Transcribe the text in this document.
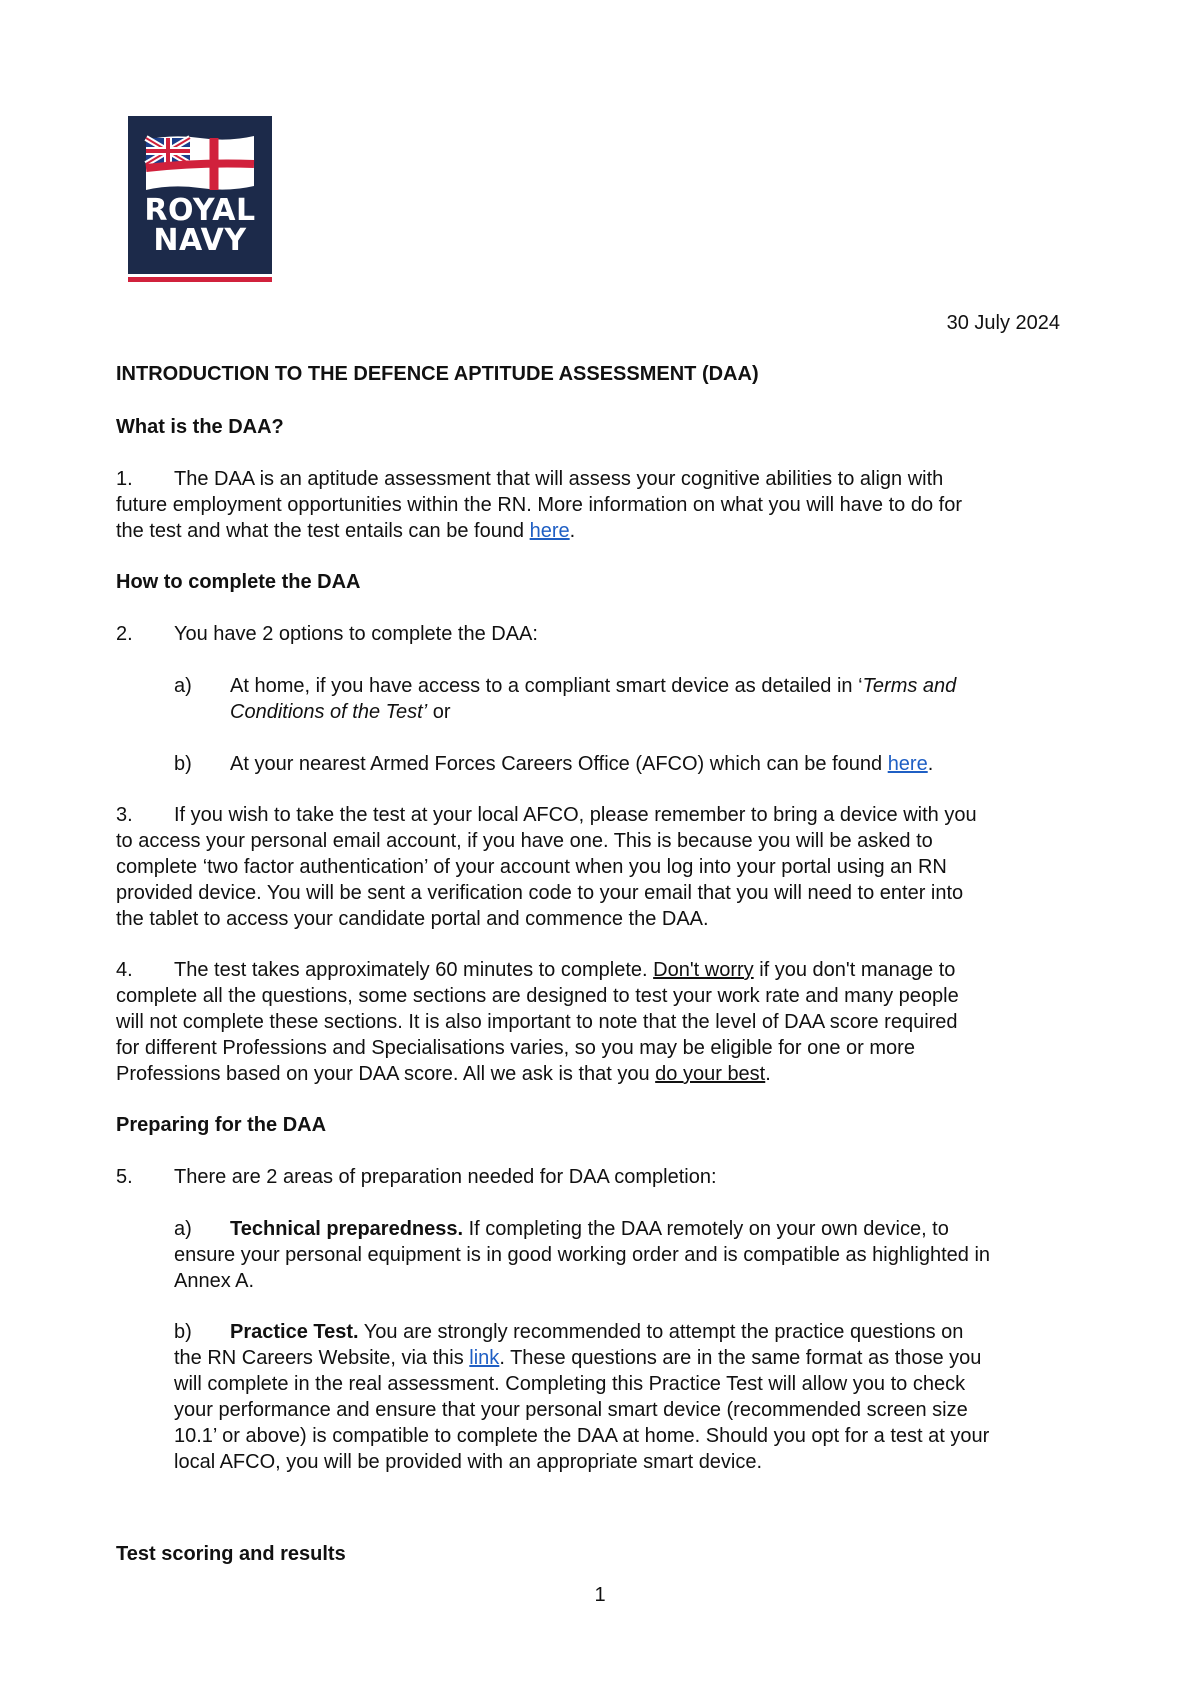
ROYAL
NAVY
30 July 2024
INTRODUCTION TO THE DEFENCE APTITUDE ASSESSMENT (DAA)
What is the DAA?
1. The DAA is an aptitude assessment that will assess your cognitive abilities to align with
future employment opportunities within the RN. More information on what you will have to do for
the test and what the test entails can be found here.
How to complete the DAA
2. You have 2 options to complete the DAA:
a) At home, if you have access to a compliant smart device as detailed in ‘Terms and
Conditions of the Test’ or
b) At your nearest Armed Forces Careers Office (AFCO) which can be found here.
3. If you wish to take the test at your local AFCO, please remember to bring a device with you
to access your personal email account, if you have one. This is because you will be asked to
complete ‘two factor authentication’ of your account when you log into your portal using an RN
provided device. You will be sent a verification code to your email that you will need to enter into
the tablet to access your candidate portal and commence the DAA.
4. The test takes approximately 60 minutes to complete. Don't worry if you don't manage to
complete all the questions, some sections are designed to test your work rate and many people
will not complete these sections. It is also important to note that the level of DAA score required
for different Professions and Specialisations varies, so you may be eligible for one or more
Professions based on your DAA score. All we ask is that you do your best.
Preparing for the DAA
5. There are 2 areas of preparation needed for DAA completion:
a) Technical preparedness. If completing the DAA remotely on your own device, to
ensure your personal equipment is in good working order and is compatible as highlighted in
Annex A.
b) Practice Test. You are strongly recommended to attempt the practice questions on
the RN Careers Website, via this link. These questions are in the same format as those you
will complete in the real assessment. Completing this Practice Test will allow you to check
your performance and ensure that your personal smart device (recommended screen size
10.1’ or above) is compatible to complete the DAA at home. Should you opt for a test at your
local AFCO, you will be provided with an appropriate smart device.
Test scoring and results
1
